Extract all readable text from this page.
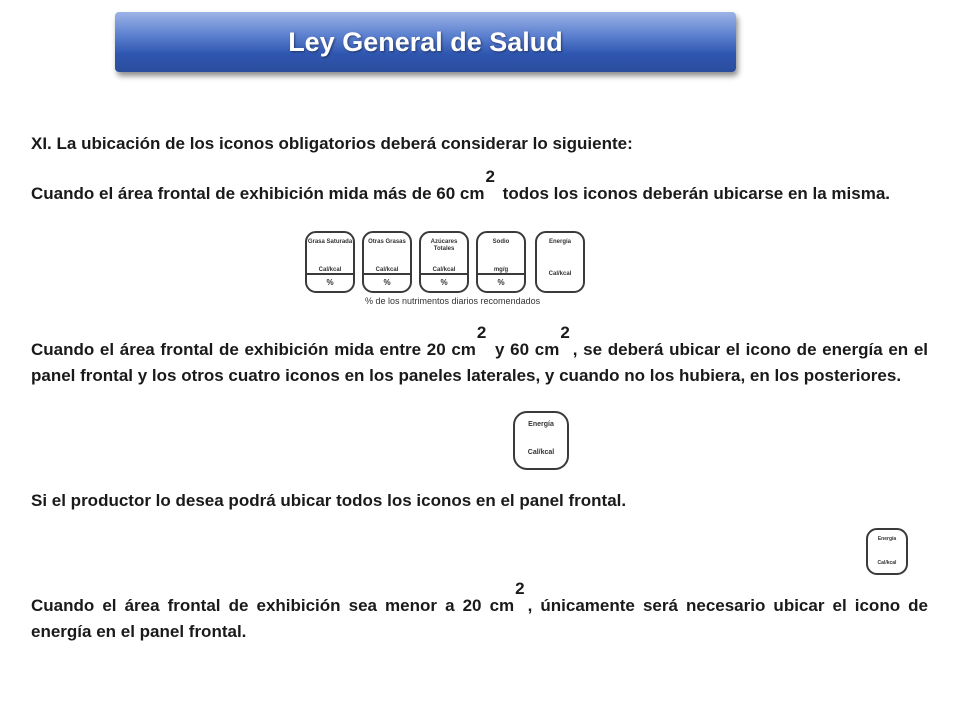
Ley General de Salud
XI. La ubicación de los iconos obligatorios deberá considerar lo siguiente:
Cuando el área frontal de exhibición mida más de 60 cm2 todos los iconos deberán ubicarse en la misma.
Grasa Saturada
Cal/kcal
%
Otras Grasas
Cal/kcal
%
Azúcares Totales
Cal/kcal
%
Sodio
mg/g
%
Energía
Cal/kcal
% de los nutrimentos diarios recomendados
Cuando el área frontal de exhibición mida entre 20 cm2 y 60 cm2, se deberá ubicar el icono de energía en el panel frontal y los otros cuatro iconos en los paneles laterales, y cuando no los hubiera, en los posteriores.
Energía
Cal/kcal
Si el productor lo desea podrá ubicar todos los iconos en el panel frontal.
Energía
Cal/kcal
Cuando el área frontal de exhibición sea menor a 20 cm2, únicamente será necesario ubicar el icono de energía en el panel frontal.
